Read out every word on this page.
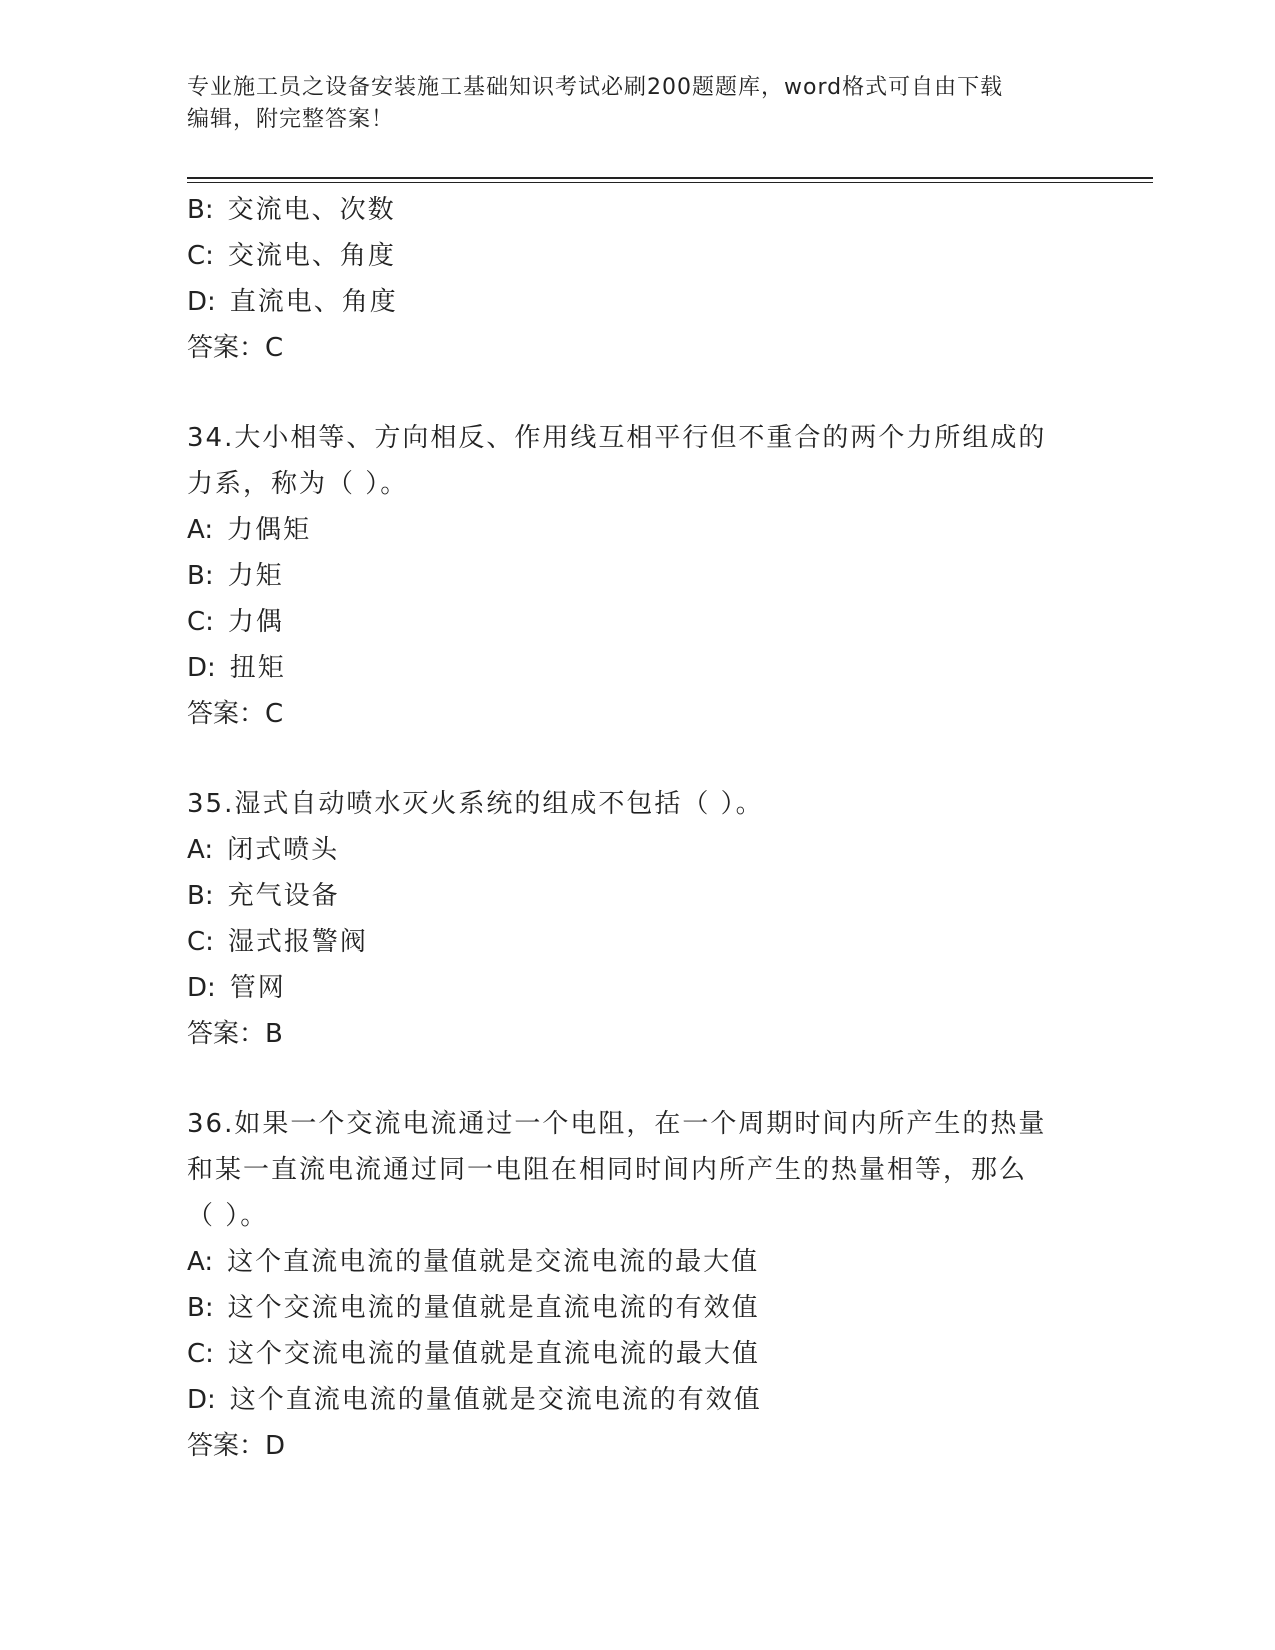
专业施工员之设备安装施工基础知识考试必刷200题题库，word格式可自由下载
编辑，附完整答案！
B: 交流电、次数
C: 交流电、角度
D: 直流电、角度
答案：C
34.大小相等、方向相反、作用线互相平行但不重合的两个力所组成的
力系，称为（ ）。
A: 力偶矩
B: 力矩
C: 力偶
D: 扭矩
答案：C
35.湿式自动喷水灭火系统的组成不包括（ ）。
A: 闭式喷头
B: 充气设备
C: 湿式报警阀
D: 管网
答案：B
36.如果一个交流电流通过一个电阻，在一个周期时间内所产生的热量
和某一直流电流通过同一电阻在相同时间内所产生的热量相等，那么
（ ）。
A: 这个直流电流的量值就是交流电流的最大值
B: 这个交流电流的量值就是直流电流的有效值
C: 这个交流电流的量值就是直流电流的最大值
D: 这个直流电流的量值就是交流电流的有效值
答案：D
